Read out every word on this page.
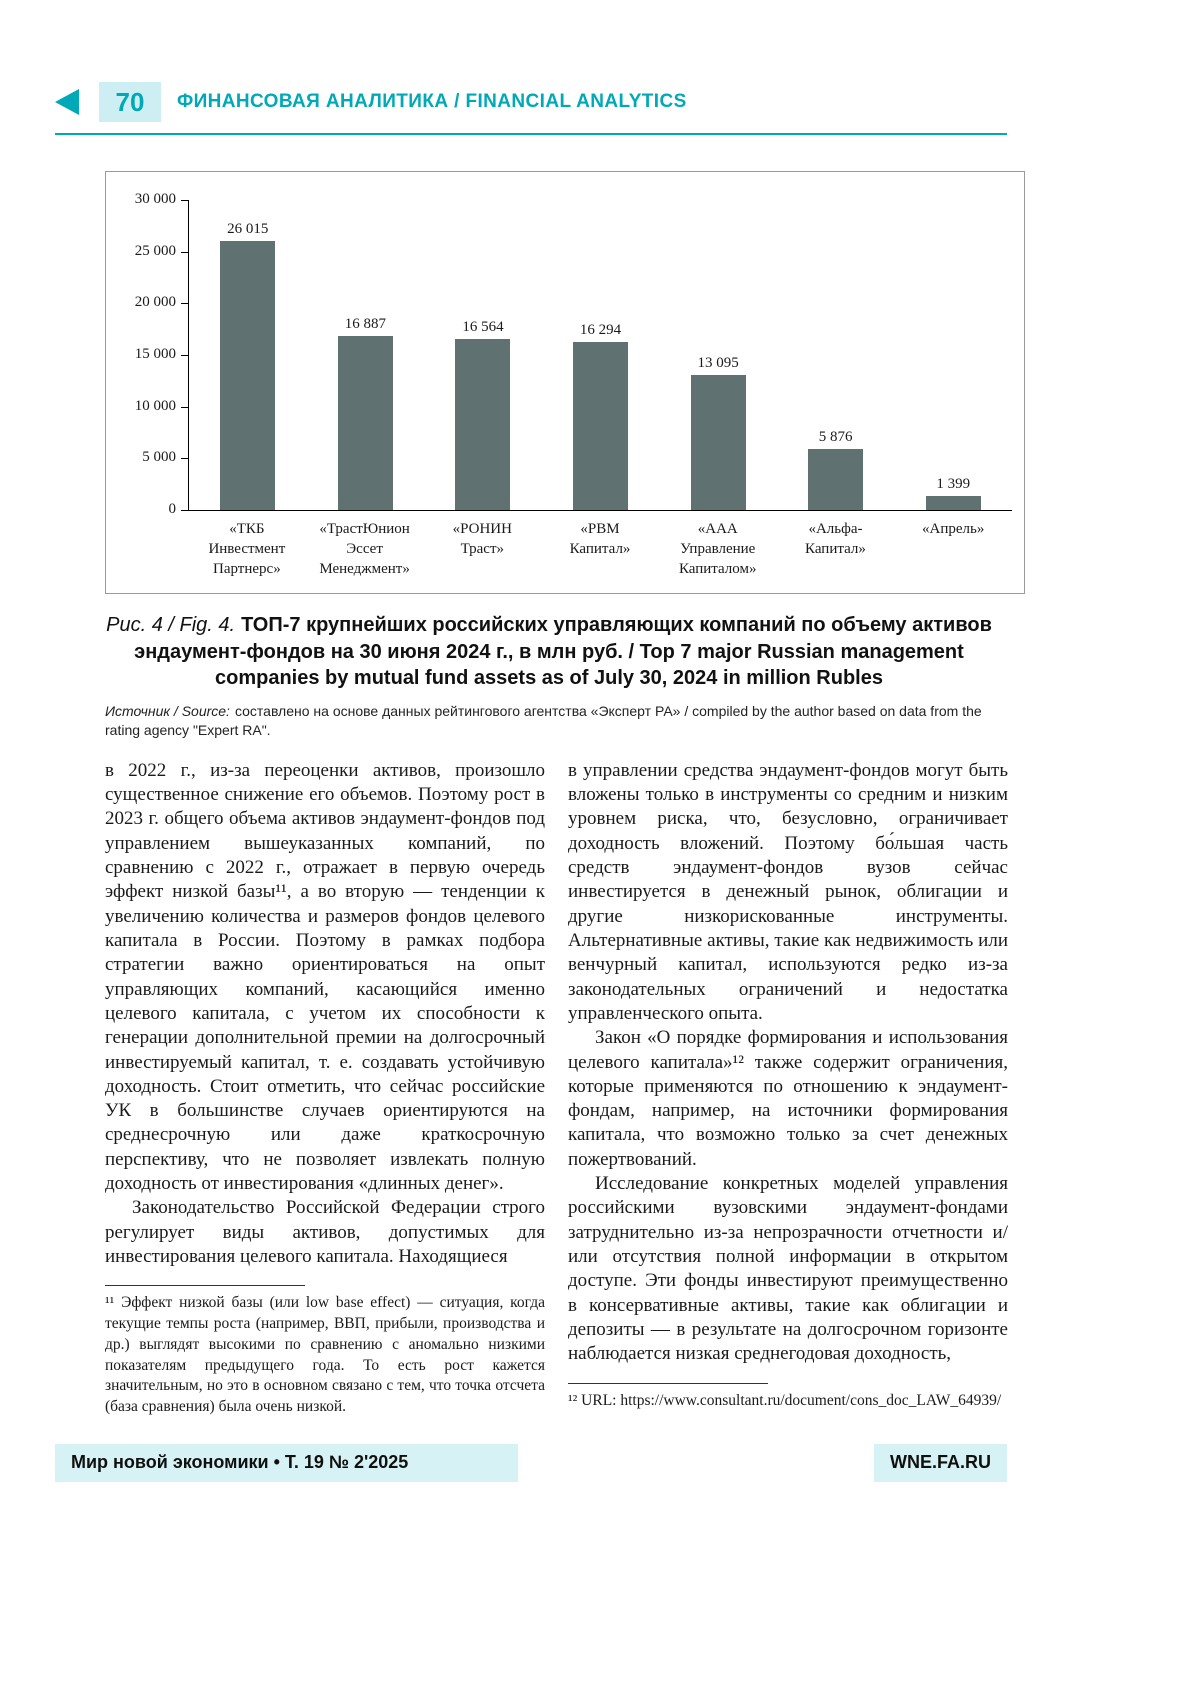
70	ФИНАНСОВАЯ АНАЛИТИКА / FINANCIAL ANALYTICS
30 000
25 000
20 000
15 000
10 000
5 000
0
26 015
16 887	16 564	16 294
13 095
5 876
1 399
«ТКБ
Инвестмент
Партнерс»
«ТрастЮнион
Эссет
Менеджмент»
«РОНИН
Траст»
«РВМ
Капитал»
«ААА
Управление
Капиталом»
«Альфа-
Капитал»
«Апрель»
Рис. 4 / Fig. 4. ТОП-7 крупнейших российских управляющих компаний по объему активов эндаумент-фондов на 30 июня 2024 г., в млн руб. / Top 7 major Russian management companies by mutual fund assets as of July 30, 2024 in million Rubles
Источник / Source: составлено на основе данных рейтингового агентства «Эксперт РА» / compiled by the author based on data from the rating agency "Expert RA".

в 2022 г., из-за переоценки активов, произошло существенное снижение его объемов. Поэтому рост в 2023 г. общего объема активов эндаумент-фондов под управлением вышеуказанных компаний, по сравнению с 2022 г., отражает в первую очередь эффект низкой базы¹¹, а во вторую — тенденции к увеличению количества и размеров фондов целевого капитала в России. Поэтому в рамках подбора стратегии важно ориентироваться на опыт управляющих компаний, касающийся именно целевого капитала, с учетом их способности к генерации дополнительной премии на долгосрочный инвестируемый капитал, т. е. создавать устойчивую доходность. Стоит отметить, что сейчас российские УК в большинстве случаев ориентируются на среднесрочную или даже краткосрочную перспективу, что не позволяет извлекать полную доходность от инвестирования «длинных денег».

Законодательство Российской Федерации строго регулирует виды активов, допустимых для инвестирования целевого капитала. Находящиеся

¹¹ Эффект низкой базы (или low base effect) — ситуация, когда текущие темпы роста (например, ВВП, прибыли, производства и др.) выглядят высокими по сравнению с аномально низкими показателям предыдущего года. То есть рост кажется значительным, но это в основном связано с тем, что точка отсчета (база сравнения) была очень низкой.

в управлении средства эндаумент-фондов могут быть вложены только в инструменты со средним и низким уровнем риска, что, безусловно, ограничивает доходность вложений. Поэтому бо́льшая часть средств эндаумент-фондов вузов сейчас инвестируется в денежный рынок, облигации и другие низкорискованные инструменты. Альтернативные активы, такие как недвижимость или венчурный капитал, используются редко из-за законодательных ограничений и недостатка управленческого опыта.

Закон «О порядке формирования и использования целевого капитала»¹² также содержит ограничения, которые применяются по отношению к эндаумент-фондам, например, на источники формирования капитала, что возможно только за счет денежных пожертвований.

Исследование конкретных моделей управления российскими вузовскими эндаумент-фондами затруднительно из-за непрозрачности отчетности и/или отсутствия полной информации в открытом доступе. Эти фонды инвестируют преимущественно в консервативные активы, такие как облигации и депозиты — в результате на долгосрочном горизонте наблюдается низкая среднегодовая доходность,

¹² URL: https://www.consultant.ru/document/cons_doc_LAW_64939/

Мир новой экономики • Т. 19 № 2'2025	WNE.FA.RU
